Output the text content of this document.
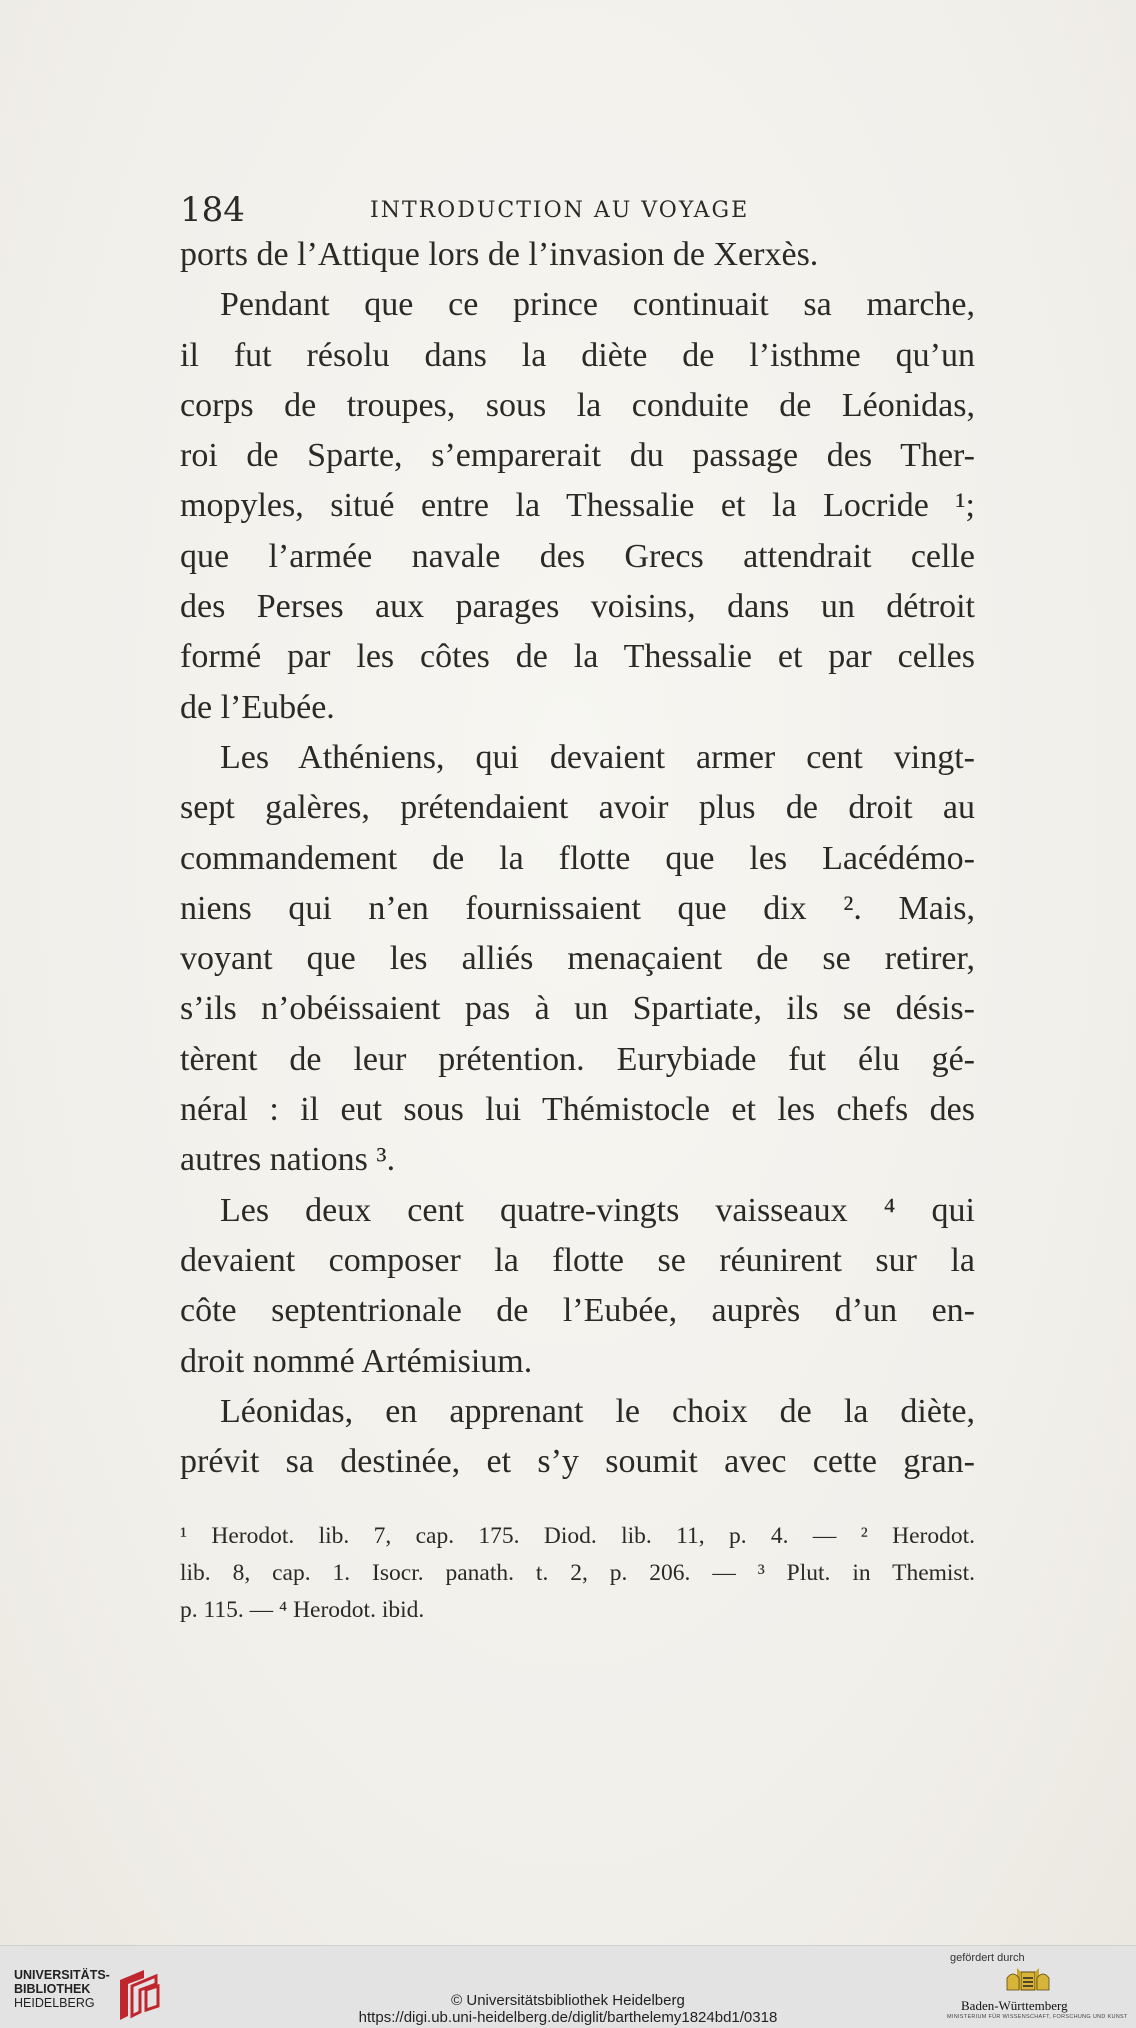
184	INTRODUCTION AU VOYAGE
ports de l’Attique lors de l’invasion de Xerxès.
Pendant que ce prince continuait sa marche,
il fut résolu dans la diète de l’isthme qu’un
corps de troupes, sous la conduite de Léonidas,
roi de Sparte, s’emparerait du passage des Ther-
mopyles, situé entre la Thessalie et la Locride ¹;
que l’armée navale des Grecs attendrait celle
des Perses aux parages voisins, dans un détroit
formé par les côtes de la Thessalie et par celles
de l’Eubée.
Les Athéniens, qui devaient armer cent vingt-
sept galères, prétendaient avoir plus de droit au
commandement de la flotte que les Lacédémo-
niens qui n’en fournissaient que dix ². Mais,
voyant que les alliés menaçaient de se retirer,
s’ils n’obéissaient pas à un Spartiate, ils se désis-
tèrent de leur prétention. Eurybiade fut élu gé-
néral : il eut sous lui Thémistocle et les chefs des
autres nations ³.
Les deux cent quatre-vingts vaisseaux ⁴ qui
devaient composer la flotte se réunirent sur la
côte septentrionale de l’Eubée, auprès d’un en-
droit nommé Artémisium.
Léonidas, en apprenant le choix de la diète,
prévit sa destinée, et s’y soumit avec cette gran-
¹ Herodot. lib. 7, cap. 175. Diod. lib. 11, p. 4. — ² Herodot.
lib. 8, cap. 1. Isocr. panath. t. 2, p. 206. — ³ Plut. in Themist.
p. 115. — ⁴ Herodot. ibid.
UNIVERSITÄTS-
BIBLIOTHEK
HEIDELBERG	© Universitätsbibliothek Heidelberg
https://digi.ub.uni-heidelberg.de/diglit/barthelemy1824bd1/0318
gefördert durch
Baden-Württemberg
MINISTERIUM FÜR WISSENSCHAFT, FORSCHUNG UND KUNST
